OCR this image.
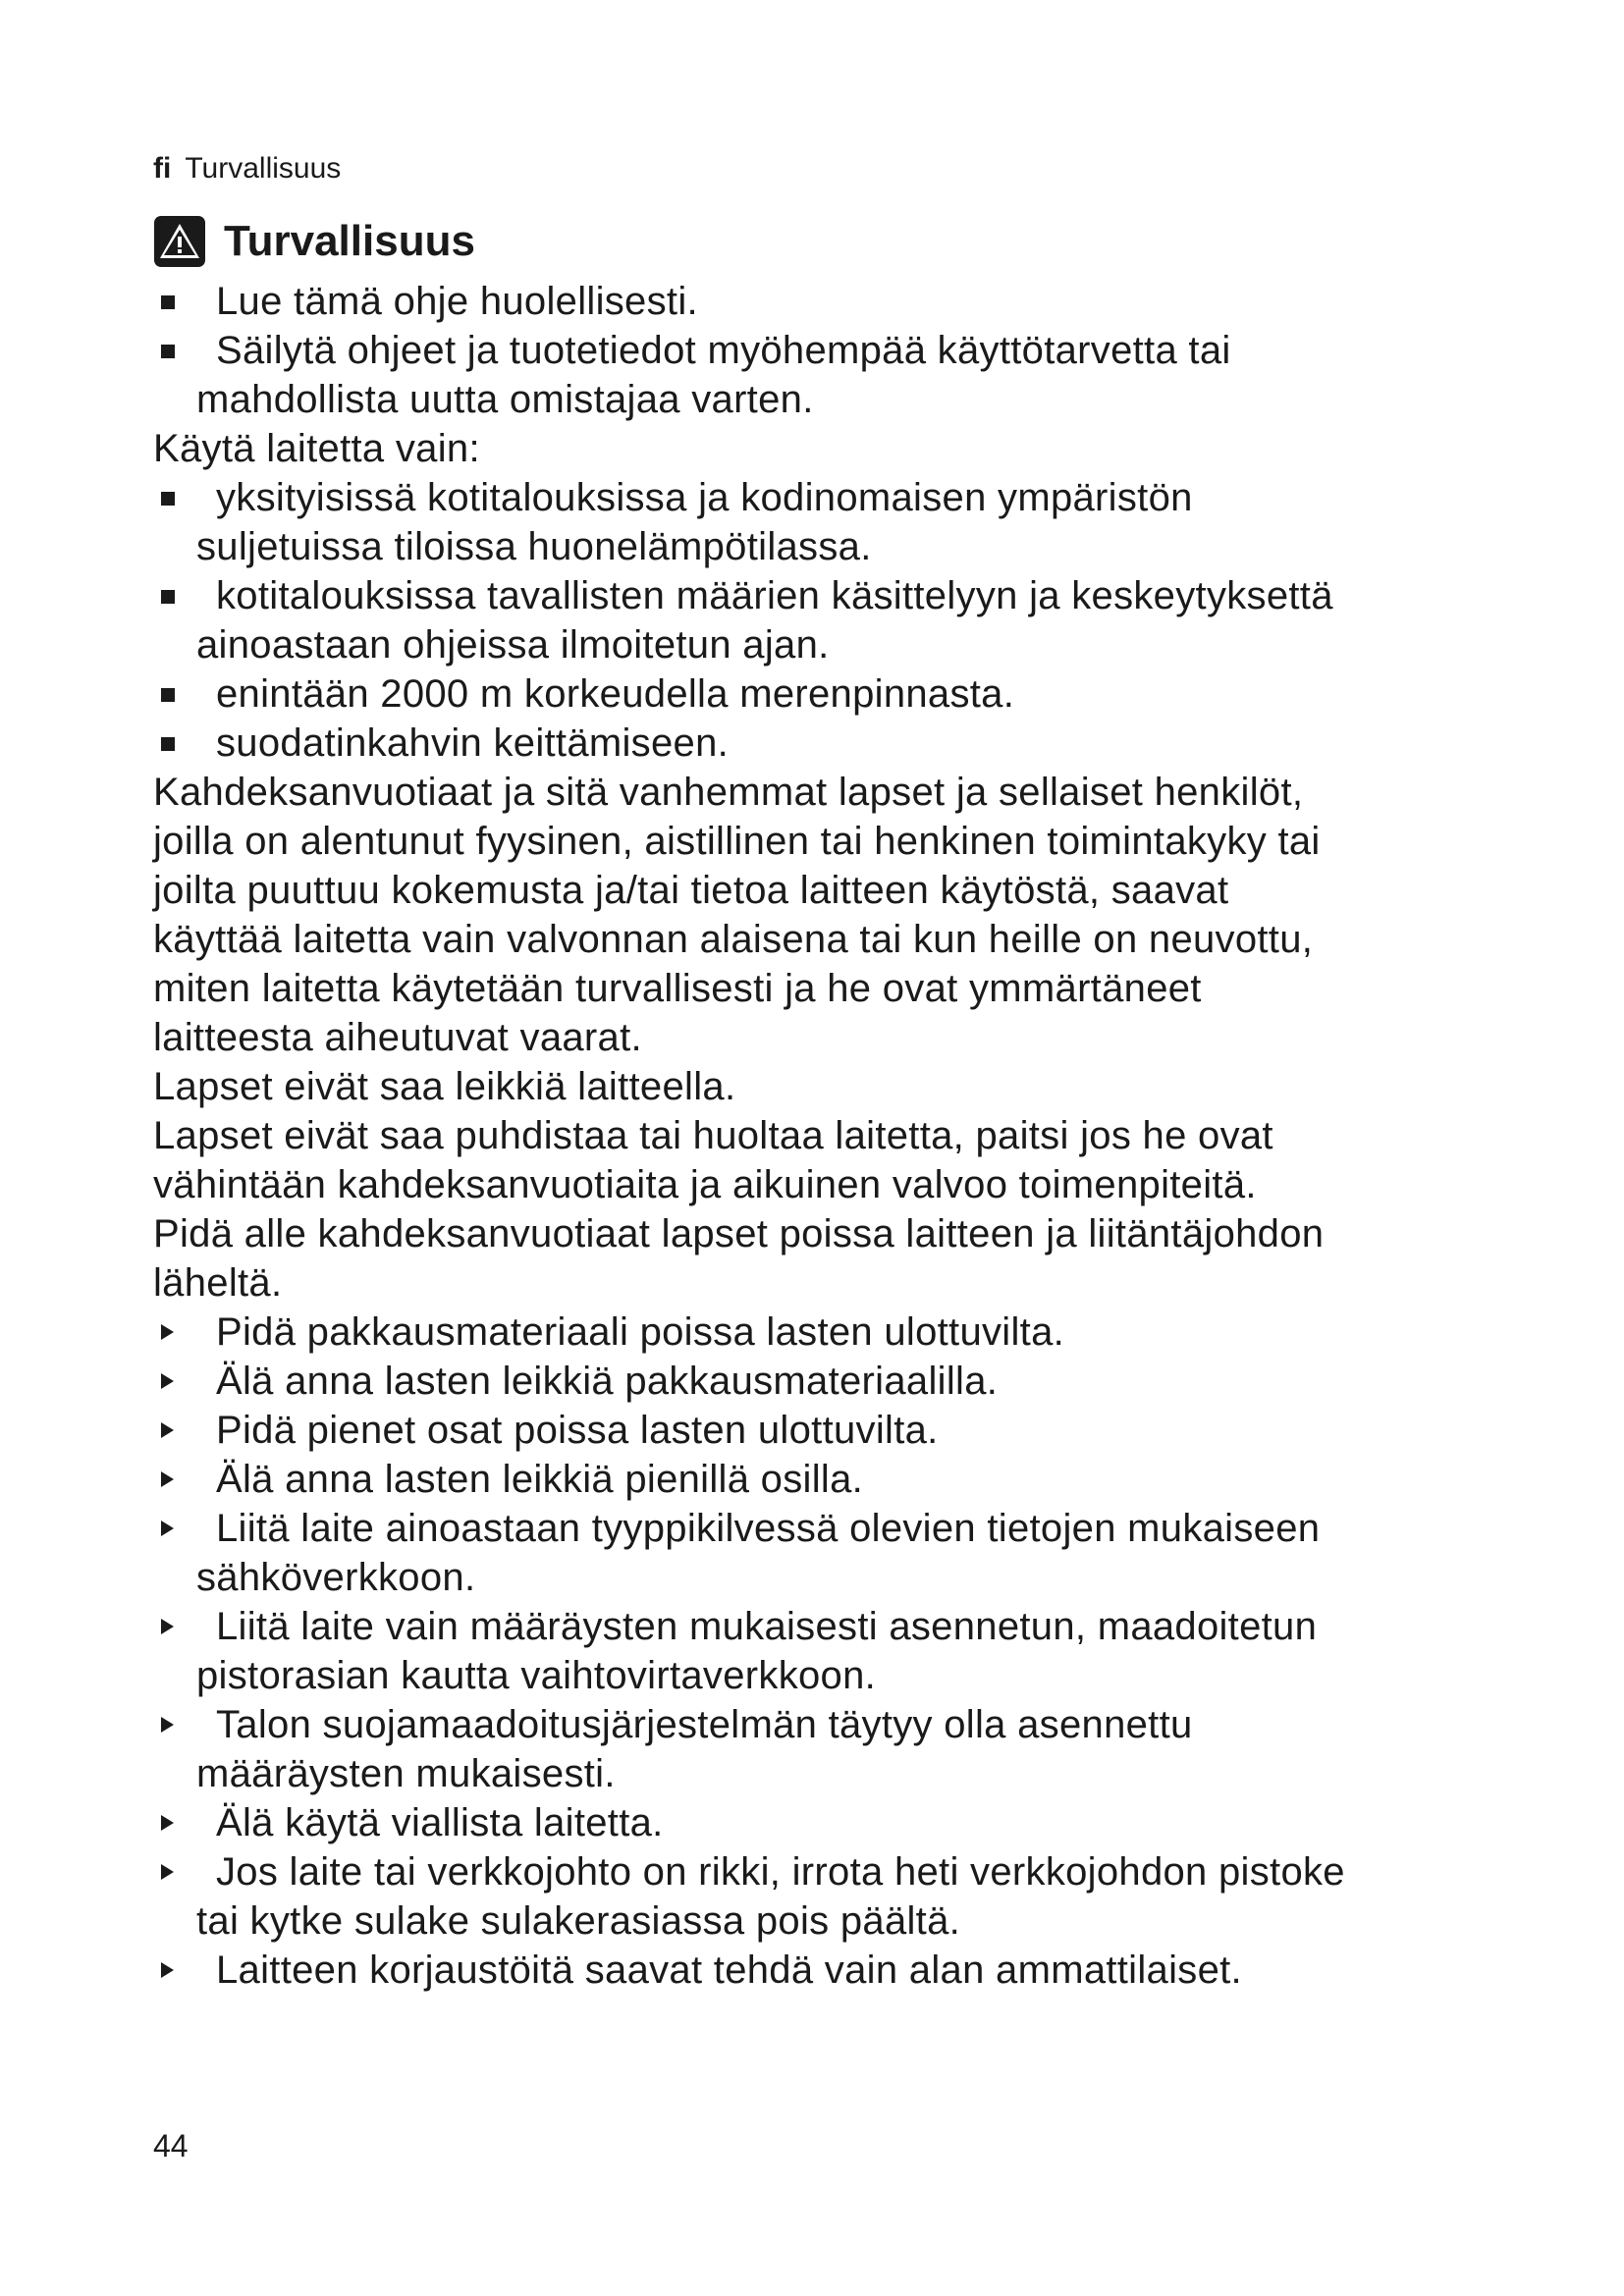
fi Turvallisuus
Turvallisuus
Lue tämä ohje huolellisesti.
Säilytä ohjeet ja tuotetiedot myöhempää käyttötarvetta tai
mahdollista uutta omistajaa varten.
Käytä laitetta vain:
yksityisissä kotitalouksissa ja kodinomaisen ympäristön
suljetuissa tiloissa huonelämpötilassa.
kotitalouksissa tavallisten määrien käsittelyyn ja keskeytyksettä
ainoastaan ohjeissa ilmoitetun ajan.
enintään 2000 m korkeudella merenpinnasta.
suodatinkahvin keittämiseen.
Kahdeksanvuotiaat ja sitä vanhemmat lapset ja sellaiset henkilöt,
joilla on alentunut fyysinen, aistillinen tai henkinen toimintakyky tai
joilta puuttuu kokemusta ja/tai tietoa laitteen käytöstä, saavat
käyttää laitetta vain valvonnan alaisena tai kun heille on neuvottu,
miten laitetta käytetään turvallisesti ja he ovat ymmärtäneet
laitteesta aiheutuvat vaarat.
Lapset eivät saa leikkiä laitteella.
Lapset eivät saa puhdistaa tai huoltaa laitetta, paitsi jos he ovat
vähintään kahdeksanvuotiaita ja aikuinen valvoo toimenpiteitä.
Pidä alle kahdeksanvuotiaat lapset poissa laitteen ja liitäntäjohdon
läheltä.
Pidä pakkausmateriaali poissa lasten ulottuvilta.
Älä anna lasten leikkiä pakkausmateriaalilla.
Pidä pienet osat poissa lasten ulottuvilta.
Älä anna lasten leikkiä pienillä osilla.
Liitä laite ainoastaan tyyppikilvessä olevien tietojen mukaiseen
sähköverkkoon.
Liitä laite vain määräysten mukaisesti asennetun, maadoitetun
pistorasian kautta vaihtovirtaverkkoon.
Talon suojamaadoitusjärjestelmän täytyy olla asennettu
määräysten mukaisesti.
Älä käytä viallista laitetta.
Jos laite tai verkkojohto on rikki, irrota heti verkkojohdon pistoke
tai kytke sulake sulakerasiassa pois päältä.
Laitteen korjaustöitä saavat tehdä vain alan ammattilaiset.
44
